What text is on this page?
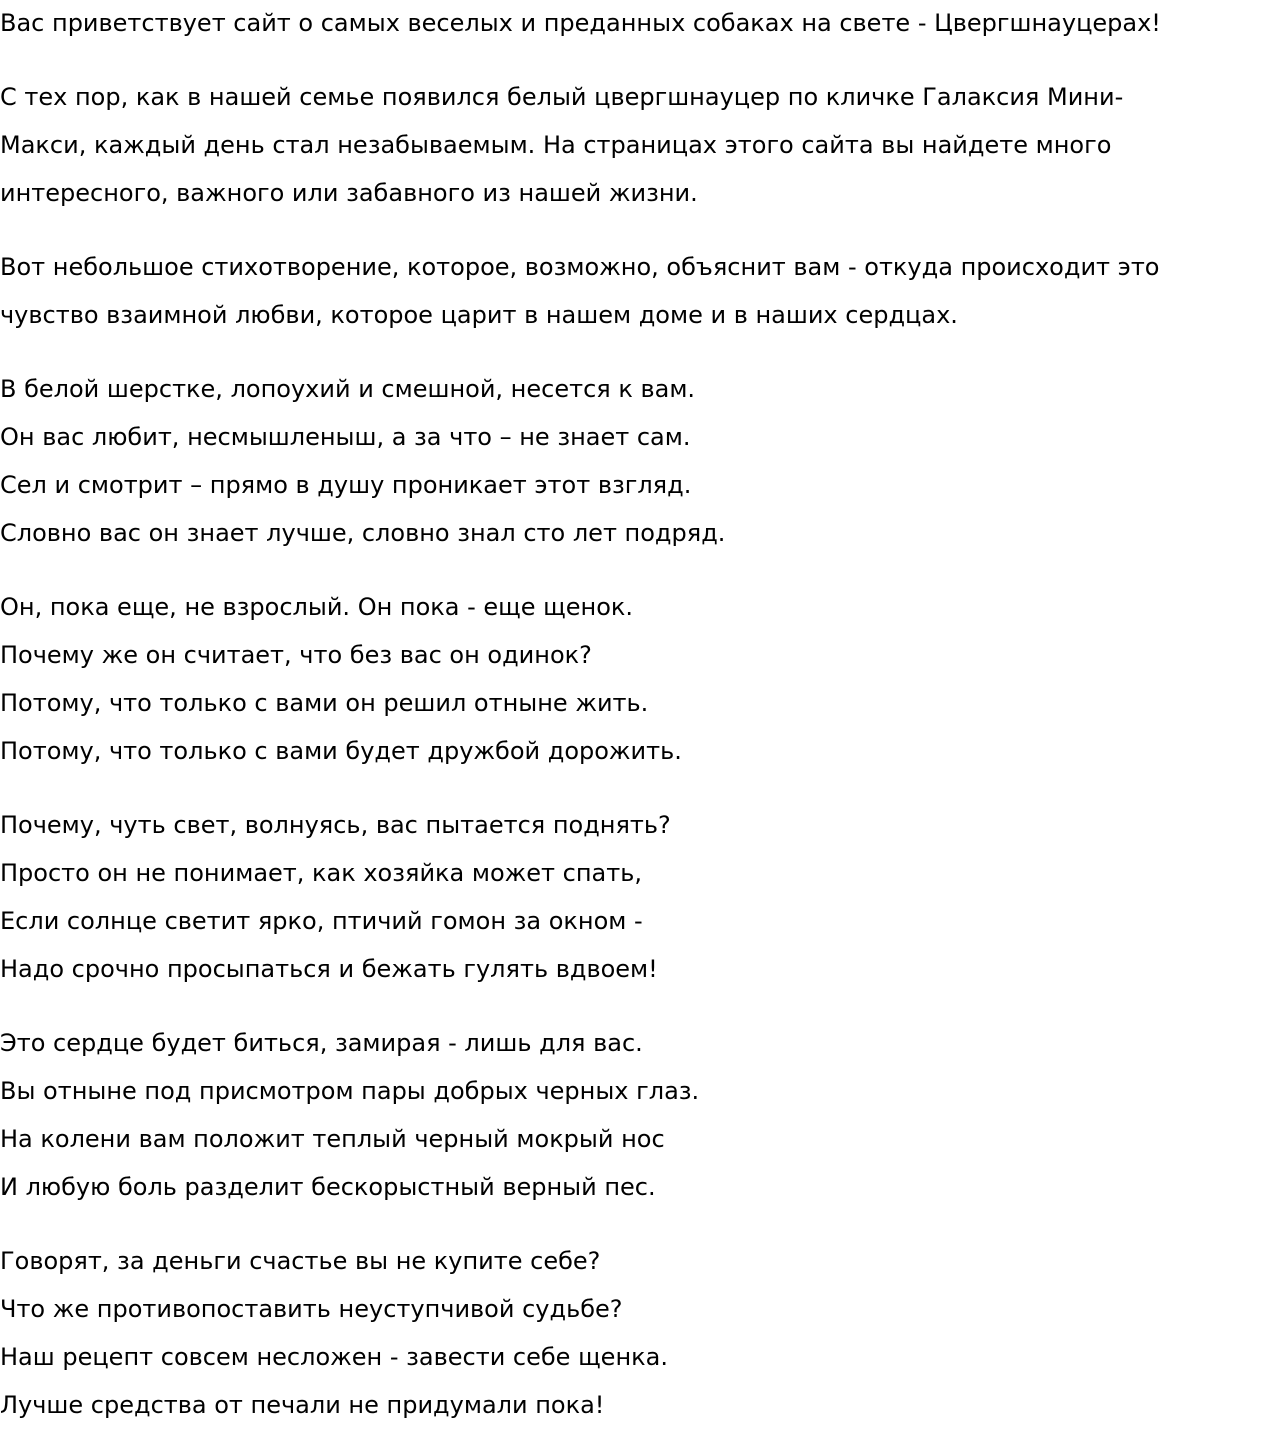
Вас приветствует сайт о самых веселых и преданных собаках на свете - Цвергшнауцерах!

С тех пор, как в нашей семье появился белый цвергшнауцер по кличке Галаксия Мини-
Макси, каждый день стал незабываемым. На страницах этого сайта вы найдете много
интересного, важного или забавного из нашей жизни.

Вот небольшое стихотворение, которое, возможно, объяснит вам - откуда происходит это
чувство взаимной любви, которое царит в нашем доме и в наших сердцах.

В белой шерстке, лопоухий и смешной, несется к вам.
Он вас любит, несмышленыш, а за что – не знает сам.
Сел и смотрит – прямо в душу проникает этот взгляд.
Словно вас он знает лучше, словно знал сто лет подряд.

Он, пока еще, не взрослый. Он пока - еще щенок.
Почему же он считает, что без вас он одинок?
Потому, что только с вами он решил отныне жить.
Потому, что только с вами будет дружбой дорожить.

Почему, чуть свет, волнуясь, вас пытается поднять?
Просто он не понимает, как хозяйка может спать,
Если солнце светит ярко, птичий гомон за окном -
Надо срочно просыпаться и бежать гулять вдвоем!

Это сердце будет биться, замирая - лишь для вас.
Вы отныне под присмотром пары добрых черных глаз.
На колени вам положит теплый черный мокрый нос
И любую боль разделит бескорыстный верный пес.

Говорят, за деньги счастье вы не купите себе?
Что же противопоставить неуступчивой судьбе?
Наш рецепт совсем несложен - завести себе щенка.
Лучше средства от печали не придумали пока!
